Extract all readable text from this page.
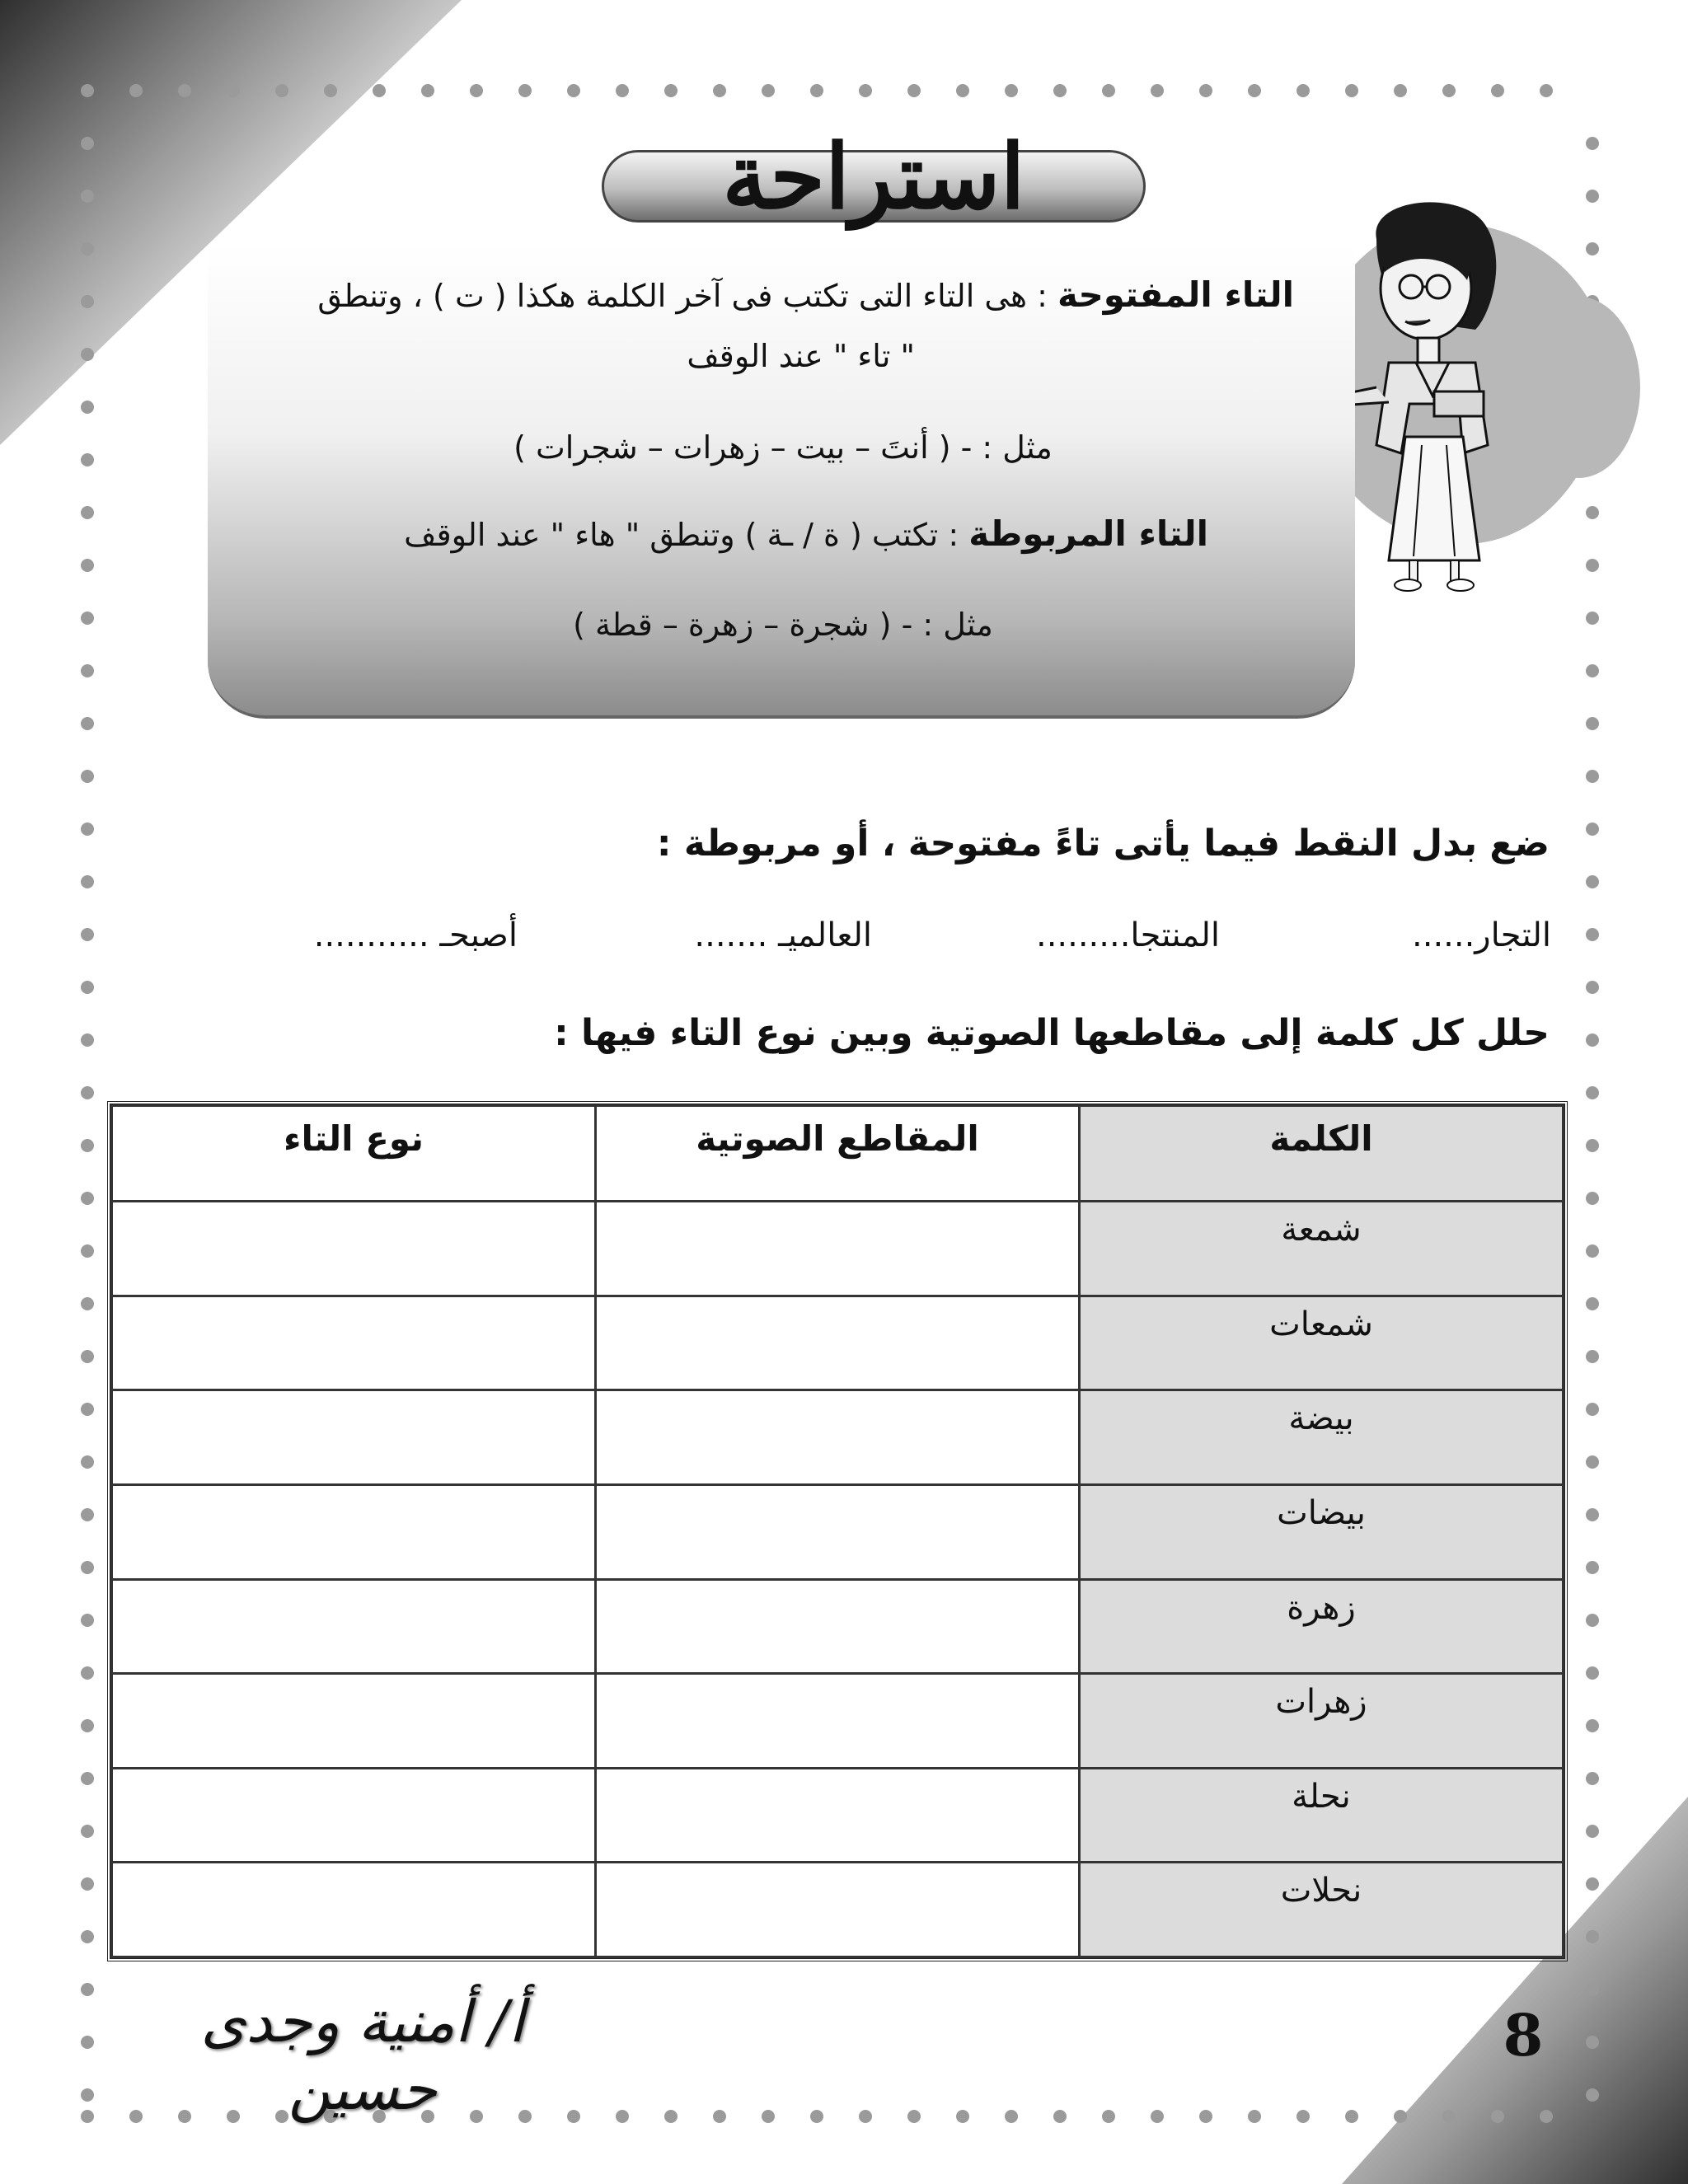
استراحة
التاء المفتوحة : هى التاء التى تكتب فى آخر الكلمة هكذا ( ت ) ، وتنطق
" تاء " عند الوقف
مثل : - ( أنتَ – بيت – زهرات – شجرات )
التاء المربوطة : تكتب ( ة / ـة ) وتنطق " هاء " عند الوقف
مثل : - ( شجرة – زهرة – قطة )
ضع بدل النقط فيما يأتى تاءً مفتوحة ، أو مربوطة :
التجار......
المنتجا.........
العالميـ .......
أصبحـ ...........
حلل كل كلمة إلى مقاطعها الصوتية وبين نوع التاء فيها :
الكلمة	المقاطع الصوتية	نوع التاء
شمعة		
شمعات		
بيضة		
بيضات		
زهرة		
زهرات		
نحلة		
نحلات		
أ/ أمنية وجدى حسين
8
